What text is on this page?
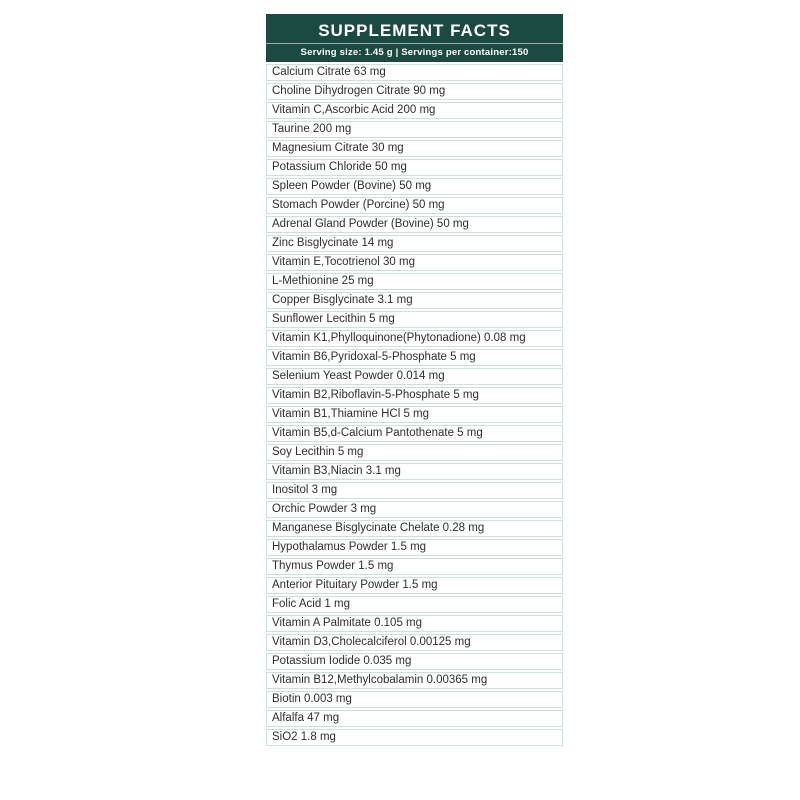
SUPPLEMENT FACTS
Serving size: 1.45 g | Servings per container:150
Calcium Citrate 63 mg
Choline Dihydrogen Citrate 90 mg
Vitamin C,Ascorbic Acid 200 mg
Taurine 200 mg
Magnesium Citrate 30 mg
Potassium Chloride 50 mg
Spleen Powder (Bovine) 50 mg
Stomach Powder (Porcine) 50 mg
Adrenal Gland Powder (Bovine) 50 mg
Zinc Bisglycinate 14 mg
Vitamin E,Tocotrienol 30 mg
L-Methionine 25 mg
Copper Bisglycinate 3.1 mg
Sunflower Lecithin 5 mg
Vitamin K1,Phylloquinone(Phytonadione) 0.08 mg
Vitamin B6,Pyridoxal-5-Phosphate 5 mg
Selenium Yeast Powder 0.014 mg
Vitamin B2,Riboflavin-5-Phosphate 5 mg
Vitamin B1,Thiamine HCl 5 mg
Vitamin B5,d-Calcium Pantothenate 5 mg
Soy Lecithin 5 mg
Vitamin B3,Niacin 3.1 mg
Inositol 3 mg
Orchic Powder 3 mg
Manganese Bisglycinate Chelate 0.28 mg
Hypothalamus Powder 1.5 mg
Thymus Powder 1.5 mg
Anterior Pituitary Powder 1.5 mg
Folic Acid 1 mg
Vitamin A Palmitate 0.105 mg
Vitamin D3,Cholecalciferol 0.00125 mg
Potassium Iodide 0.035 mg
Vitamin B12,Methylcobalamin 0.00365 mg
Biotin 0.003 mg
Alfalfa 47 mg
SiO2 1.8 mg
